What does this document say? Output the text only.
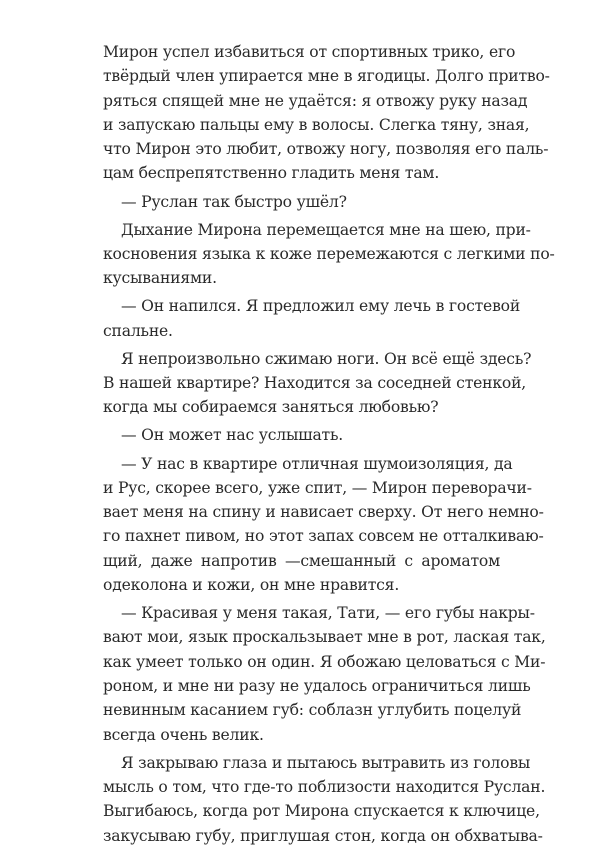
Мирон успел избавиться от спортивных трико, его
твёрдый член упирается мне в ягодицы. Долго притво-
ряться спящей мне не удаётся: я отвожу руку назад
и запускаю пальцы ему в волосы. Слегка тяну, зная,
что Мирон это любит, отвожу ногу, позволяя его паль-
цам беспрепятственно гладить меня там.
— Руслан так быстро ушёл?
Дыхание Мирона перемещается мне на шею, при-
косновения языка к коже перемежаются с легкими по-
кусываниями.
— Он напился. Я предложил ему лечь в гостевой
спальне.
Я непроизвольно сжимаю ноги. Он всё ещё здесь?
В нашей квартире? Находится за соседней стенкой,
когда мы собираемся заняться любовью?
— Он может нас услышать.
— У нас в квартире отличная шумоизоляция, да
и Рус, скорее всего, уже спит, — Мирон переворачи-
вает меня на спину и нависает сверху. От него немно-
го пахнет пивом, но этот запах совсем не отталкиваю-
щий, даже напротив —смешанный с ароматом
одеколона и кожи, он мне нравится.
— Красивая у меня такая, Тати, — его губы накры-
вают мои, язык проскальзывает мне в рот, лаская так,
как умеет только он один. Я обожаю целоваться с Ми-
роном, и мне ни разу не удалось ограничиться лишь
невинным касанием губ: соблазн углубить поцелуй
всегда очень велик.
Я закрываю глаза и пытаюсь вытравить из головы
мысль о том, что где-то поблизости находится Руслан.
Выгибаюсь, когда рот Мирона спускается к ключице,
закусываю губу, приглушая стон, когда он обхватыва-
